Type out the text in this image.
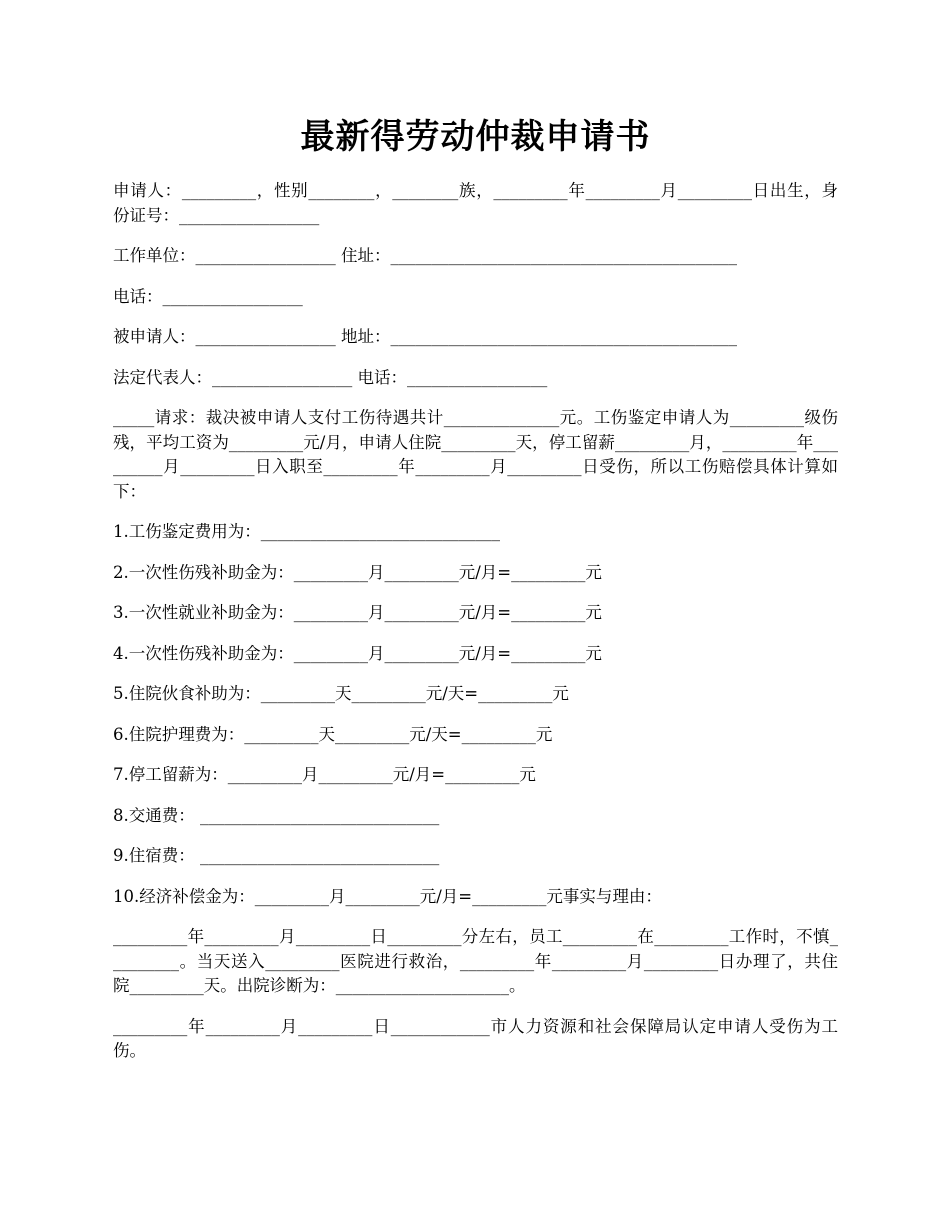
最新得劳动仲裁申请书

申请人：_________，性别________，________族，_________年_________月_________日出生，身份证号：_________________

工作单位：_________________ 住址：__________________________________________

电话：_________________

被申请人：_________________ 地址：__________________________________________

法定代表人：_________________ 电话：_________________

_____请求：裁决被申请人支付工伤待遇共计______________元。工伤鉴定申请人为_________级伤残，平均工资为_________元/月，申请人住院_________天，停工留薪_________月，_________年_________月_________日入职至_________年_________月_________日受伤，所以工伤赔偿具体计算如下：

1.工伤鉴定费用为：_____________________________

2.一次性伤残补助金为：_________月_________元/月=_________元

3.一次性就业补助金为：_________月_________元/月=_________元

4.一次性伤残补助金为：_________月_________元/月=_________元

5.住院伙食补助为：_________天_________元/天=_________元

6.住院护理费为：_________天_________元/天=_________元

7.停工留薪为：_________月_________元/月=_________元

8.交通费： _____________________________

9.住宿费： _____________________________

10.经济补偿金为：_________月_________元/月=_________元事实与理由：

_________年_________月_________日_________分左右，员工_________在_________工作时，不慎_________。当天送入_________医院进行救治，_________年_________月_________日办理了，共住院_________天。出院诊断为：_____________________。

_________年_________月_________日____________市人力资源和社会保障局认定申请人受伤为工伤。
